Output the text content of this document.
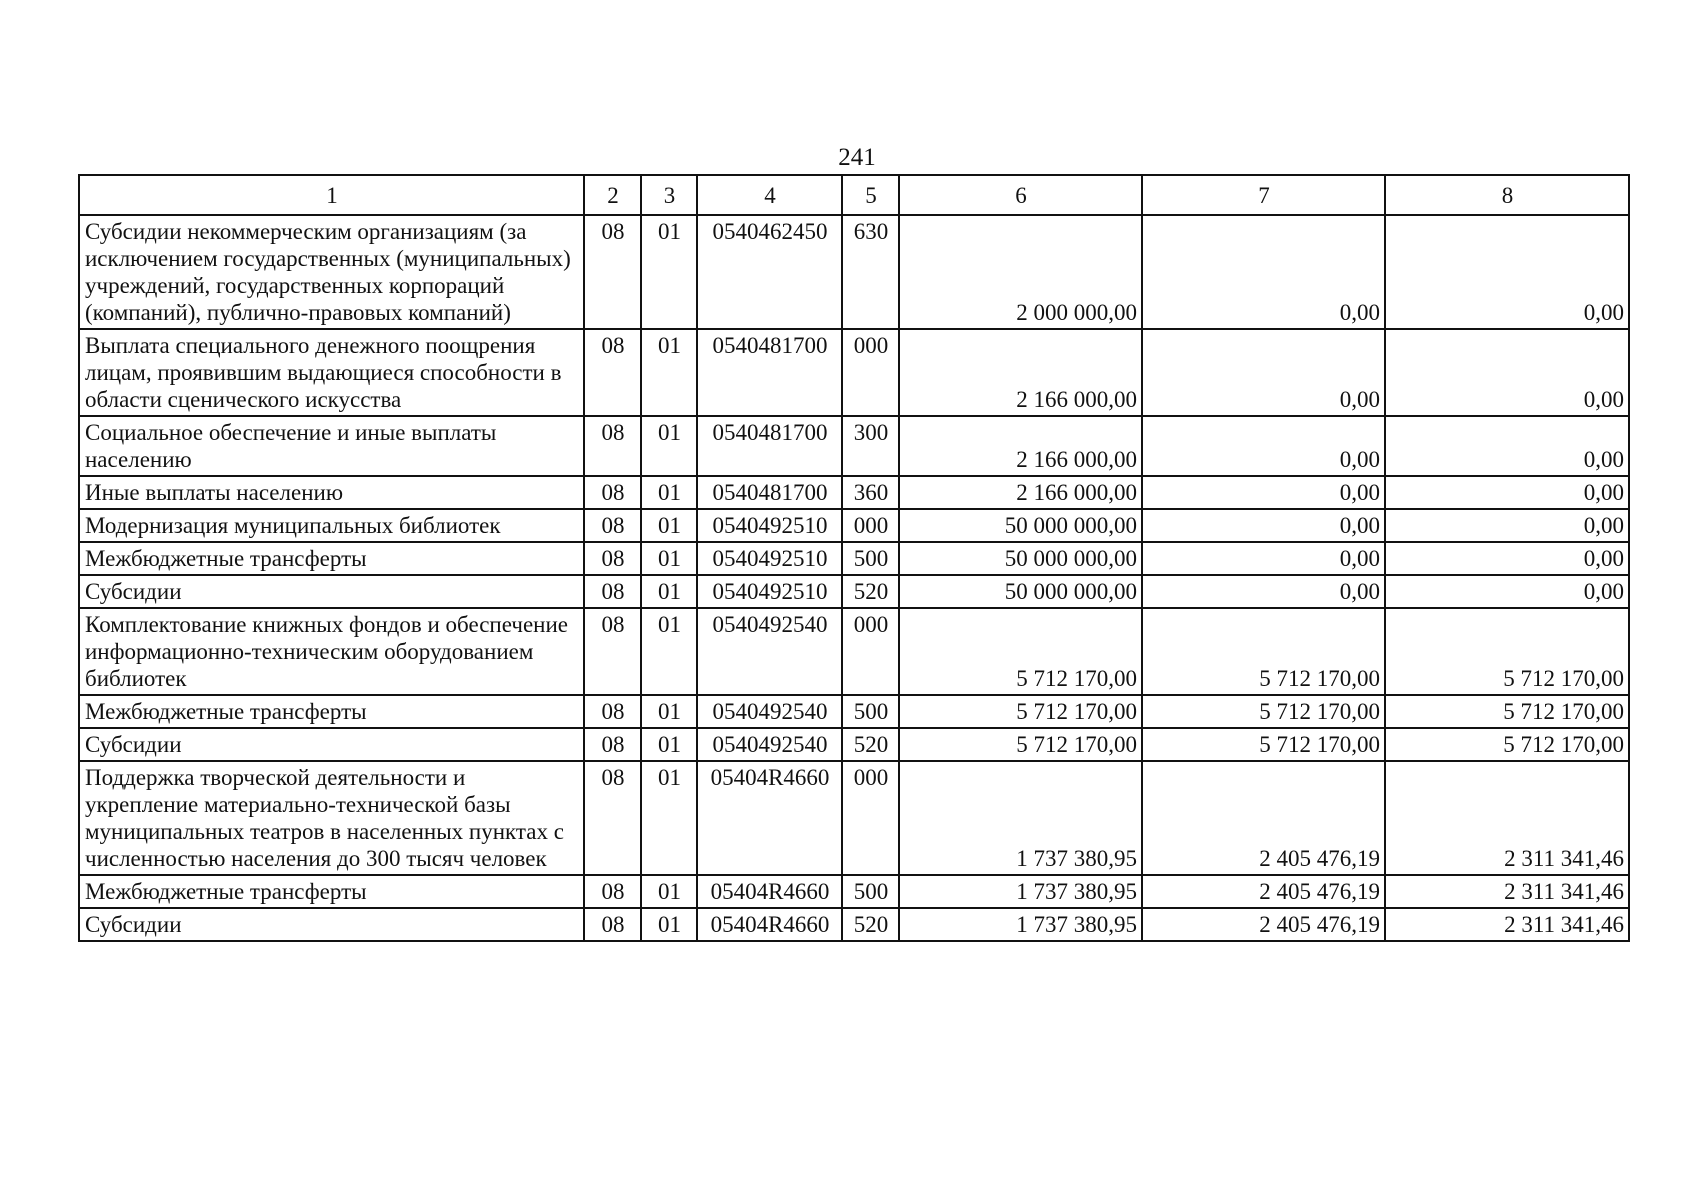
241
1	2	3	4	5	6	7	8
Субсидии некоммерческим организациям (за исключением государственных (муниципальных) учреждений, государственных корпораций (компаний), публично-правовых компаний)	08	01	0540462450	630	2 000 000,00	0,00	0,00

Выплата специального денежного поощрения лицам, проявившим выдающиеся способности в области сценического искусства	08	01	0540481700	000	2 166 000,00	0,00	0,00

Социальное обеспечение и иные выплаты населению	08	01	0540481700	300	2 166 000,00	0,00	0,00

Иные выплаты населению	08	01	0540481700	360	2 166 000,00	0,00	0,00

Модернизация муниципальных библиотек	08	01	0540492510	000	50 000 000,00	0,00	0,00

Межбюджетные трансферты	08	01	0540492510	500	50 000 000,00	0,00	0,00

Субсидии	08	01	0540492510	520	50 000 000,00	0,00	0,00

Комплектование книжных фондов и обеспечение информационно-техническим оборудованием библиотек	08	01	0540492540	000	5 712 170,00	5 712 170,00	5 712 170,00

Межбюджетные трансферты	08	01	0540492540	500	5 712 170,00	5 712 170,00	5 712 170,00

Субсидии	08	01	0540492540	520	5 712 170,00	5 712 170,00	5 712 170,00

Поддержка творческой деятельности и укрепление материально-технической базы муниципальных театров в населенных пунктах с численностью населения до 300 тысяч человек	08	01	05404R4660	000	1 737 380,95	2 405 476,19	2 311 341,46

Межбюджетные трансферты	08	01	05404R4660	500	1 737 380,95	2 405 476,19	2 311 341,46

Субсидии	08	01	05404R4660	520	1 737 380,95	2 405 476,19	2 311 341,46
